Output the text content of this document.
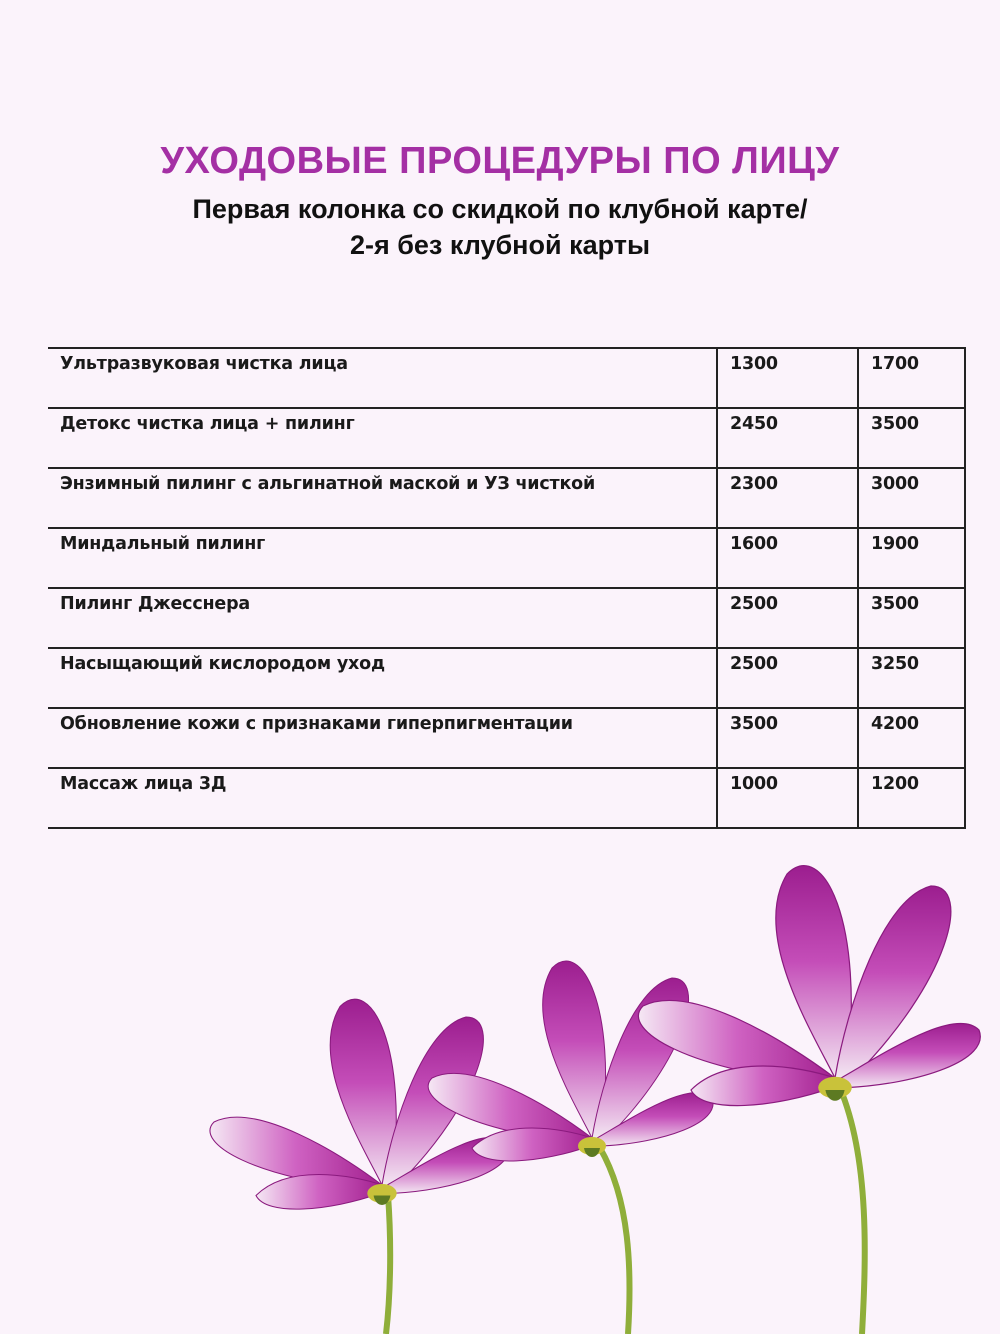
УХОДОВЫЕ ПРОЦЕДУРЫ ПО ЛИЦУ
Первая колонка со скидкой по клубной карте/
2-я без клубной карты
Ультразвуковая чистка лица	1300	1700
Детокс чистка лица + пилинг	2450	3500
Энзимный пилинг с альгинатной маской и УЗ чисткой	2300	3000
Миндальный пилинг	1600	1900
Пилинг Джесснера	2500	3500
Насыщающий кислородом уход	2500	3250
Обновление кожи с признаками гиперпигментации	3500	4200
Массаж лица 3Д	1000	1200
